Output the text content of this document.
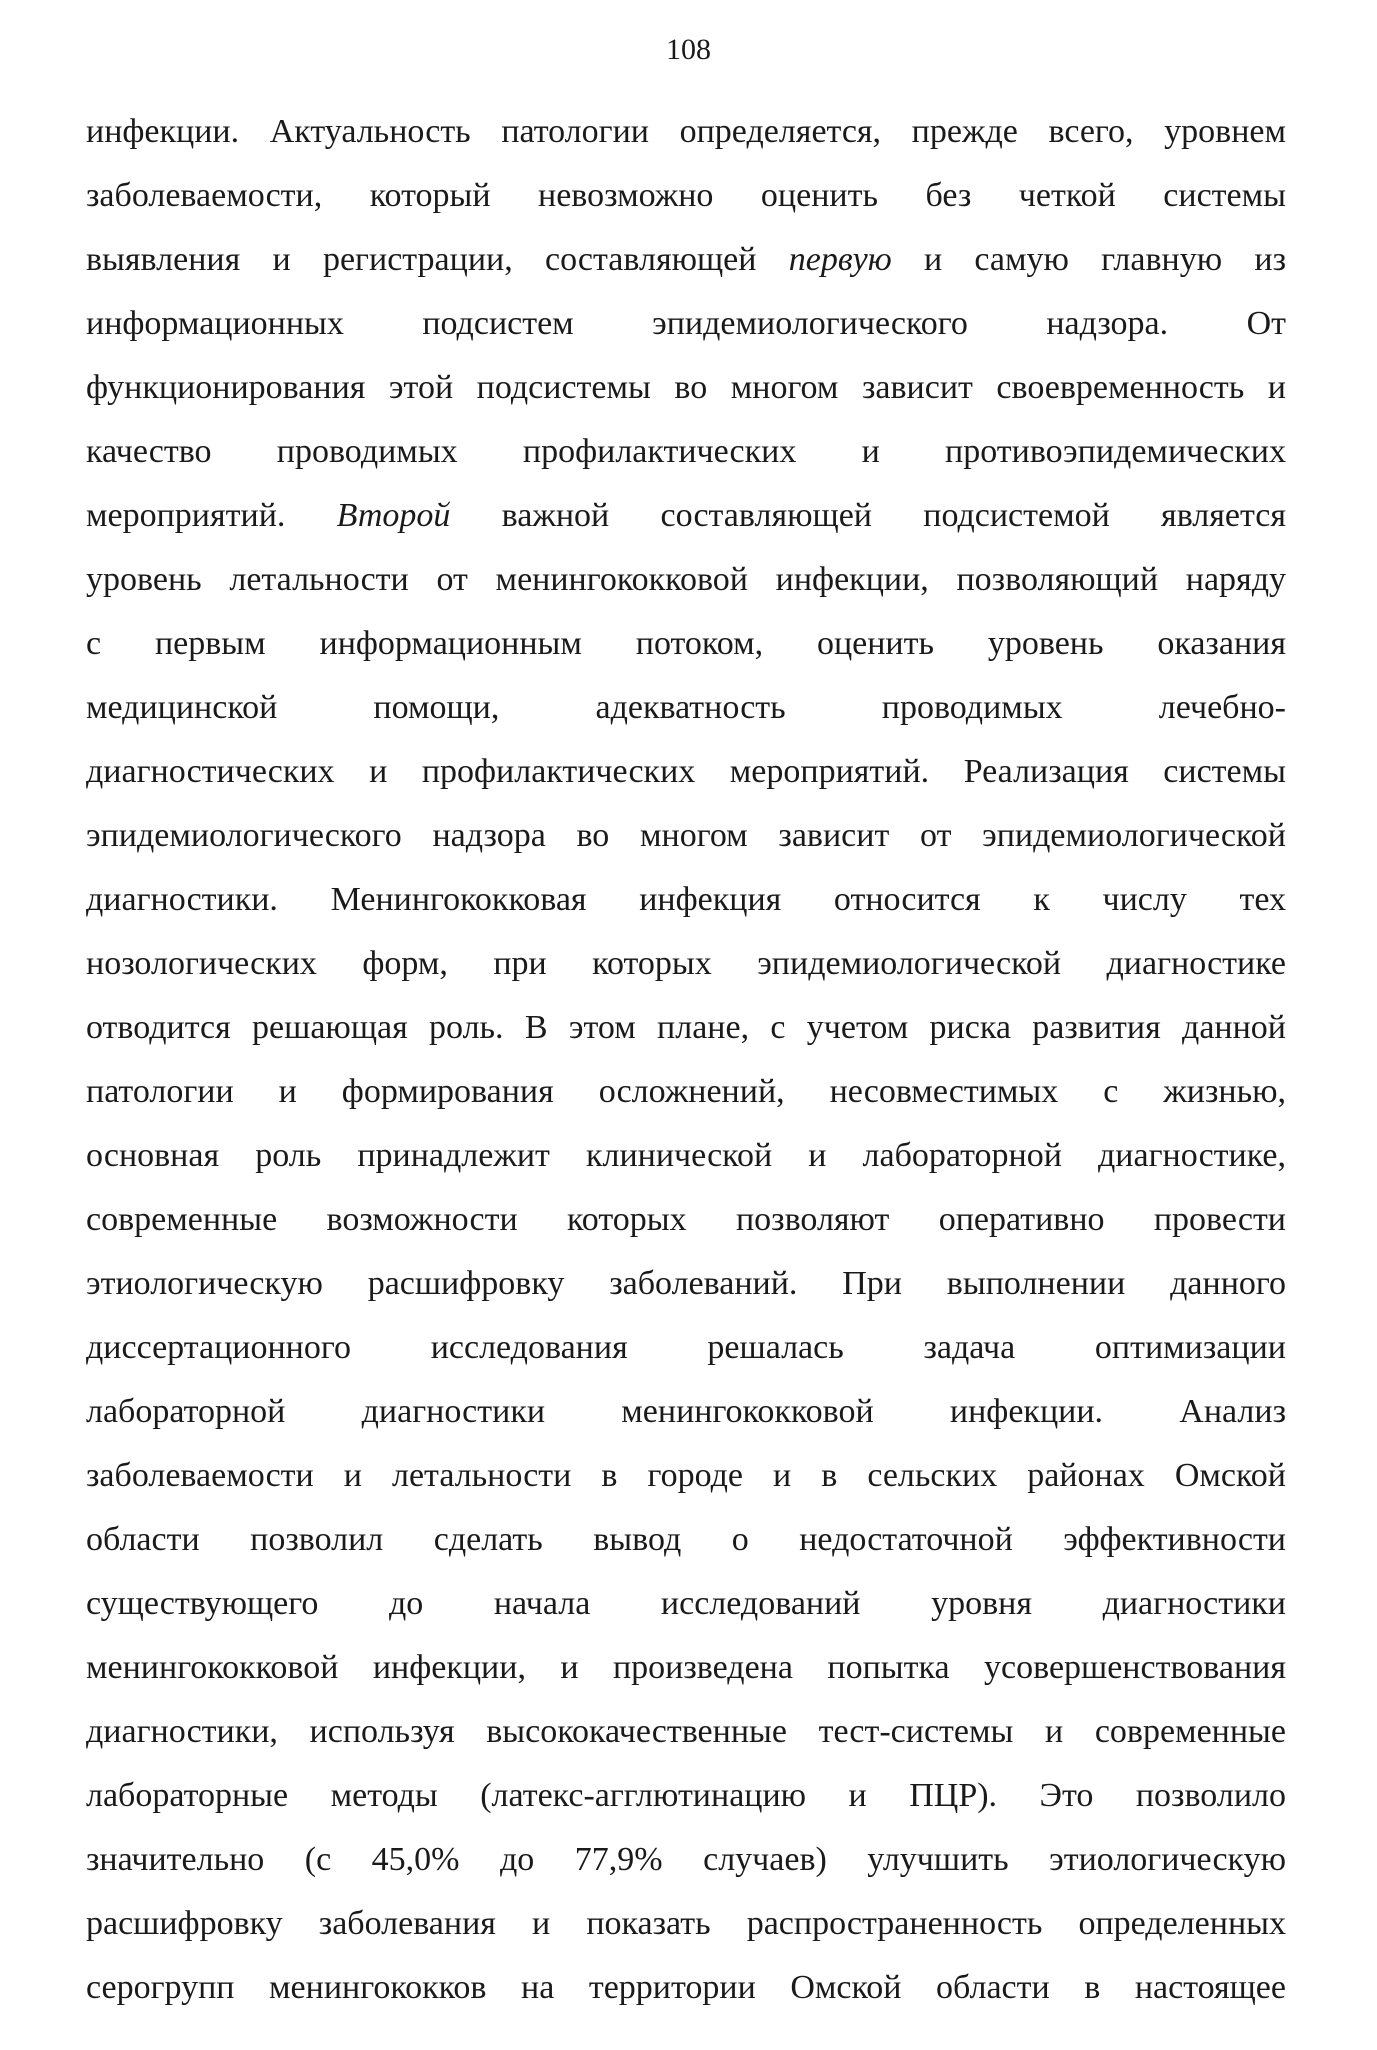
108
инфекции. Актуальность патологии определяется, прежде всего, уровнем
заболеваемости, который невозможно оценить без четкой системы
выявления и регистрации, составляющей первую и самую главную из
информационных подсистем эпидемиологического надзора. От
функционирования этой подсистемы во многом зависит своевременность и
качество проводимых профилактических и противоэпидемических
мероприятий. Второй важной составляющей подсистемой является
уровень летальности от менингококковой инфекции, позволяющий наряду
с первым информационным потоком, оценить уровень оказания
медицинской помощи, адекватность проводимых лечебно-
диагностических и профилактических мероприятий. Реализация системы
эпидемиологического надзора во многом зависит от эпидемиологической
диагностики. Менингококковая инфекция относится к числу тех
нозологических форм, при которых эпидемиологической диагностике
отводится решающая роль. В этом плане, с учетом риска развития данной
патологии и формирования осложнений, несовместимых с жизнью,
основная роль принадлежит клинической и лабораторной диагностике,
современные возможности которых позволяют оперативно провести
этиологическую расшифровку заболеваний. При выполнении данного
диссертационного исследования решалась задача оптимизации
лабораторной диагностики менингококковой инфекции. Анализ
заболеваемости и летальности в городе и в сельских районах Омской
области позволил сделать вывод о недостаточной эффективности
существующего до начала исследований уровня диагностики
менингококковой инфекции, и произведена попытка усовершенствования
диагностики, используя высококачественные тест-системы и современные
лабораторные методы (латекс-агглютинацию и ПЦР). Это позволило
значительно (с 45,0% до 77,9% случаев) улучшить этиологическую
расшифровку заболевания и показать распространенность определенных
серогрупп менингококков на территории Омской области в настоящее
